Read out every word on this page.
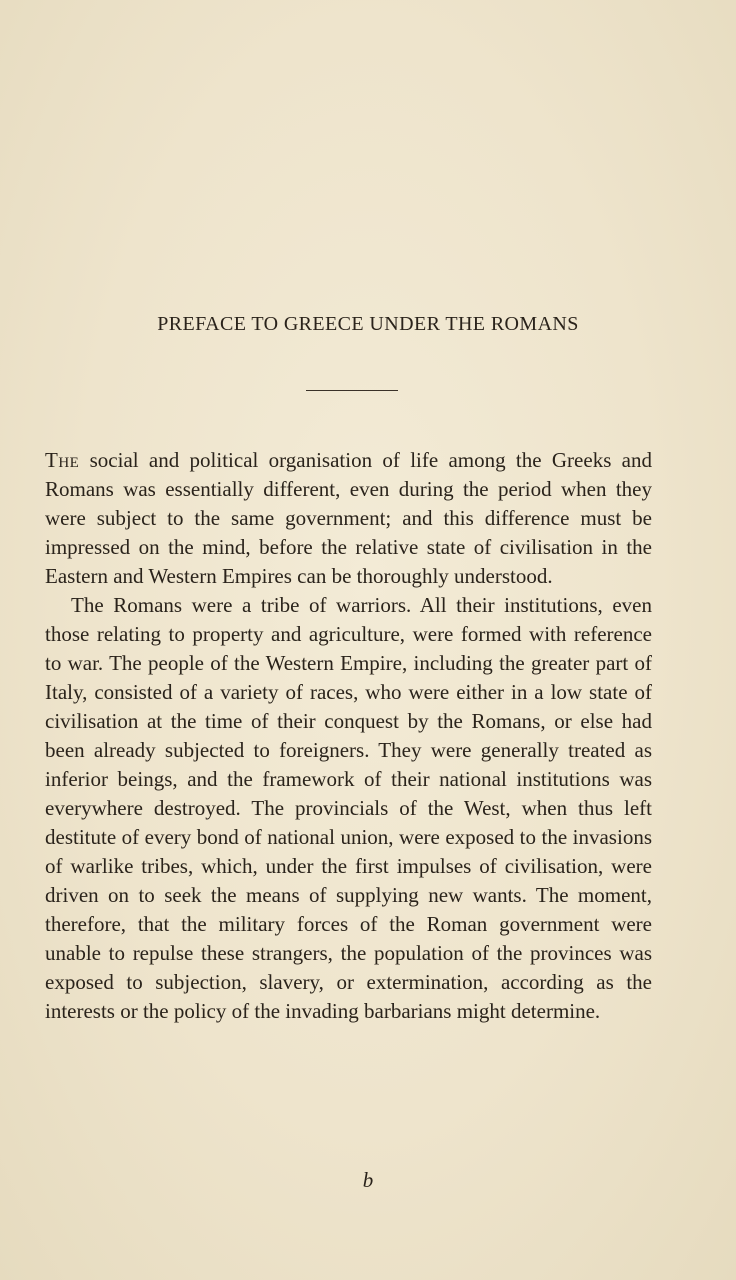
PREFACE TO GREECE UNDER THE ROMANS

The social and political organisation of life among the Greeks and Romans was essentially different, even during the period when they were subject to the same government; and this difference must be impressed on the mind, before the relative state of civilisation in the Eastern and Western Empires can be thoroughly understood.

The Romans were a tribe of warriors. All their institutions, even those relating to property and agriculture, were formed with reference to war. The people of the Western Empire, including the greater part of Italy, consisted of a variety of races, who were either in a low state of civilisation at the time of their conquest by the Romans, or else had been already subjected to foreigners. They were generally treated as inferior beings, and the framework of their national institutions was everywhere destroyed. The provincials of the West, when thus left destitute of every bond of national union, were exposed to the invasions of warlike tribes, which, under the first impulses of civilisation, were driven on to seek the means of supplying new wants. The moment, therefore, that the military forces of the Roman government were unable to repulse these strangers, the population of the provinces was exposed to subjection, slavery, or extermination, according as the interests or the policy of the invading barbarians might determine.

b
